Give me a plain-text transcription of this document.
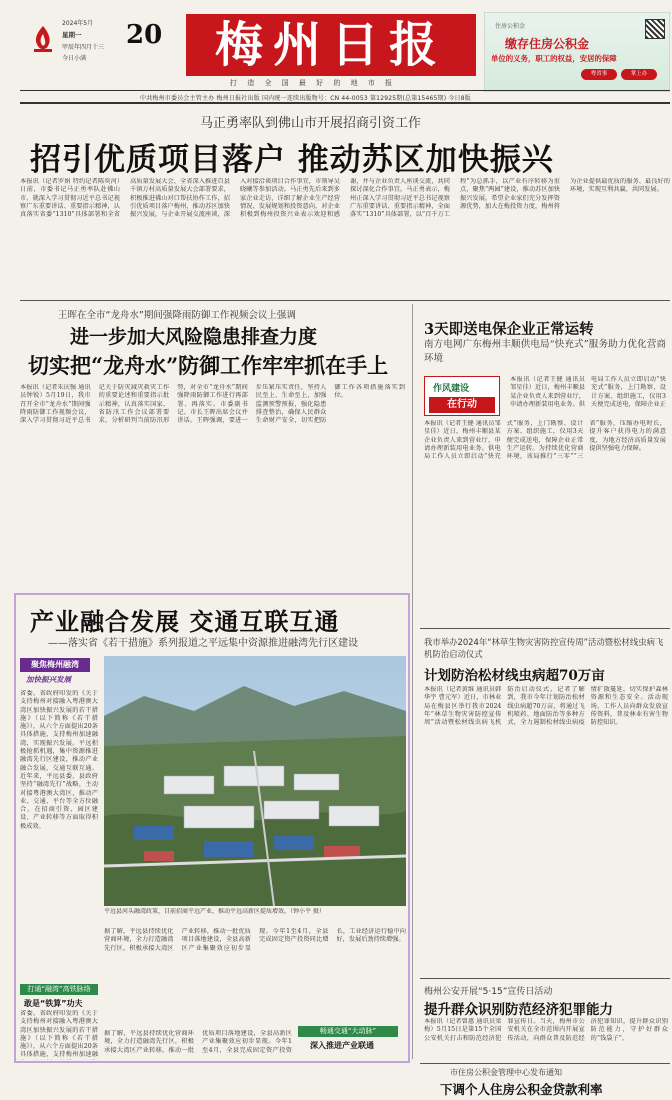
2024年5月
星期一
甲辰年四月十三
今日小满
20	梅州日报	住房公积金
缴存住房公积金
单位的义务，职工的权益，安居的保障
粤省事	掌上办
打 造 全 国 最 好 的 地 市 报
中共梅州市委员会主管主办 梅州日报社出版 国内统一连续出版物号：CN 44-0053 第12925期(总第15465期) 今日8版
马正勇率队到佛山市开展招商引资工作
招引优质项目落户 推动苏区加快振兴
本报讯（记者罗娟 特约记者陈奕河）日前，市委书记马正勇率队赴佛山市，就深入学习贯彻习近平总书记视察广东重要讲话、重要指示精神，认真落实省委“1310”具体部署和全省高质量发展大会、全省深入推进百县千镇万村高质量发展大会部署要求，积极推进佛山对口帮扶协作工作，招引优质项目落户梅州，推动苏区加快振兴发展，与企业开展交流座谈，深入对接洽谈项目合作事宜，市领导吴晓曦等参加活动。马正勇先后来到多家企业走访，详细了解企业生产经营情况、发展规划和投资意向，对企业积极到梅州投资兴业表示欢迎和感谢，并与企业负责人座谈交流，共同探讨深化合作事宜。马正勇表示，梅州正深入学习贯彻习近平总书记视察广东重要讲话、重要指示精神，全面落实“1310”具体部署，以“百千万工程”为总抓手，以产业有序转移为重点，聚焦“两园”建设，推动苏区加快振兴发展。希望企业家们充分发挥资源优势，加大在梅投资力度，梅州将为企业提供最优质的服务、最良好的环境，实现互利共赢、共同发展。
王晖在全市“龙舟水”期间强降雨防御工作视频会议上强调
进一步加大风险隐患排查力度
切实把“龙舟水”防御工作牢牢抓在手上
本报讯（记者朱庆强 通讯员钟锐）5月19日，我市召开全市“龙舟水”期间强降雨防御工作视频会议，深入学习贯彻习近平总书记关于防灾减灾救灾工作的重要论述和重要指示批示精神，认真落实国家、省防汛工作会议部署要求，分析研判当前防汛形势，对全市“龙舟水”期间强降雨防御工作进行再部署、再落实。市委副书记、市长王晖出席会议并讲话。王晖强调，要进一步压紧压实责任，坚持人民至上、生命至上，加强监测预警预报，强化隐患排查整治，确保人民群众生命财产安全，切实把防御工作各项措施落实到位。
3天即送电保企业正常运转
南方电网广东梅州丰顺供电局“快充式”服务助力优化营商环境
作风建设
在行动
本报讯（记者王健 通讯员邹星佳）近日，梅州丰顺县某企业负责人来到营业厅，申请办理新装用电业务。供电局工作人员立即启动“快充式”服务，上门勘察、设计方案、组织施工，仅用3天便完成送电，保障企业正
本报讯（记者王健 通讯员邹星佳）近日，梅州丰顺县某企业负责人来到营业厅，申请办理新装用电业务。供电局工作人员立即启动“快充式”服务，上门勘察、设计方案、组织施工，仅用3天便完成送电，保障企业正常生产运转。为持续优化营商环境，该局推行“三零”“三省”服务，压缩办电时长，提升客户获得电力的满意度，为地方经济高质量发展提供坚强电力保障。
产业融合发展 交通互联互通
——落实省《若干措施》系列报道之平远集中资源推进融湾先行区建设
聚焦梅州融湾
加快振兴发展
省委、省政府印发的《关于支持梅州对接融入粤港澳大湾区加快振兴发展的若干措施》（以下简称《若干措施》），从六个方面提出20条具体措施，支持梅州加速融湾，实现振兴发展。平远积极抢抓机遇，集中资源推进融湾先行区建设，推动产业融合发展、交通互联互通。近年来，平远县委、县政府坚持“融湾先行”战略，主动对接粤港澳大湾区，推动产业、交通、平台等全方位融合，在招商引资、园区建设、产业转移等方面取得积极成效。
平远县河头融湾政策，目前招商平远产业，推动平远高新区提质增效。（钟小平 摄）
据了解，平远县持续优化营商环境，全力打造融湾先行区，积极承接大湾区产业转移，推动一批优质项目落地建设，全县高新区产业集聚效应初步显现。今年1至4月，全县完成固定资产投资同比增长，工业经济运行稳中向好，发展后劲持续增强。
打通“融湾”高铁脉络
敢是“铁算”功夫
省委、省政府印发的《关于支持梅州对接融入粤港澳大湾区加快振兴发展的若干措施》（以下简称《若干措施》），从六个方面提出20条具体措施，支持梅州加速融
畅通交通“大动脉”
深入推进产业联通
据了解，平远县持续优化营商环境，全力打造融湾先行区，积极承接大湾区产业转移，推动一批优质项目落地建设，全县高新区产业集聚效应初步显现。今年1至4月，全县完成固定资产投资
我市举办2024年“林草生物灾害防控宣传周”活动暨松材线虫病飞机防治启动仪式
计划防治松材线虫病超70万亩
本报讯（记者黄维 通讯员韩华宇 曹元军）近日，市林业局在梅县区举行我市2024年“林草生物灾害防控宣传周”活动暨松材线虫病飞机防治启动仪式。记者了解到，我市今年计划防治松材线虫病超70万亩，将通过飞机喷药、地面防治等多种方式，全力遏制松材线虫病疫情扩散蔓延，切实保护森林资源和生态安全。活动现场，工作人员向群众发放宣传资料，普及林业有害生物防控知识。
梅州公安开展“5·15”宣传日活动
提升群众识别防范经济犯罪能力
本报讯（记者曾惠 通讯员梁梅）5月15日是第15个全国公安机关打击和防范经济犯罪宣传日。当天，梅州市公安机关在全市范围内开展宣传活动，向群众普及防范经济犯罪知识，提升群众识别防范能力，守护好群众的“钱袋子”。
市住房公积金管理中心发布通知
下调个人住房公积金贷款利率
